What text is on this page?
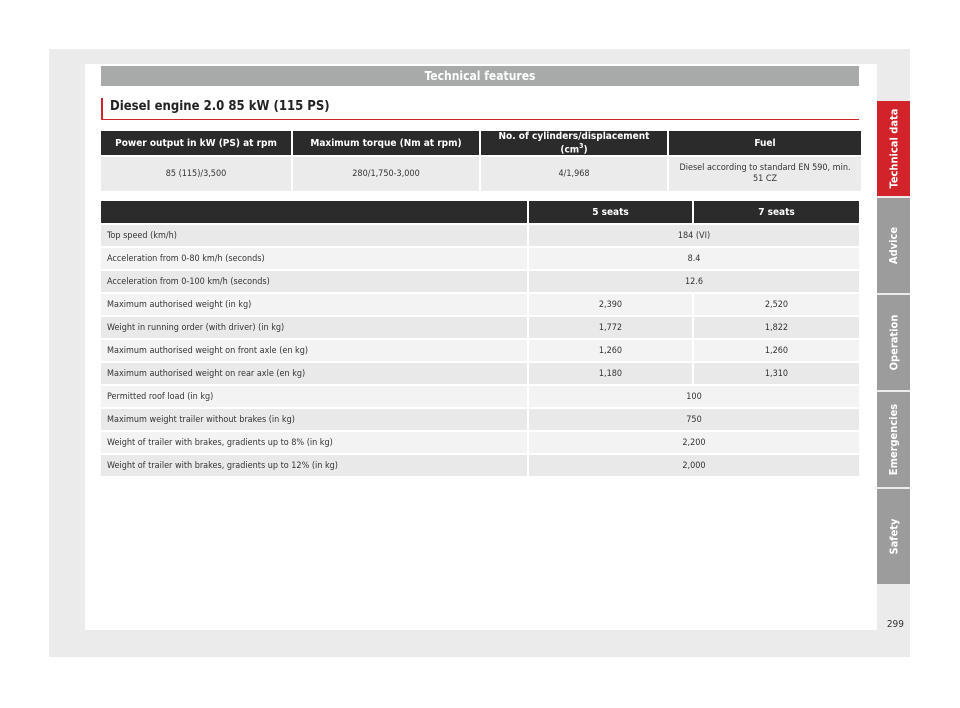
Technical features
Diesel engine 2.0 85 kW (115 PS)
Power output in kW (PS) at rpm	Maximum torque (Nm at rpm)	No. of cylinders/displacement $(cm^3)$	Fuel
85 (115)/3,500	280/1,750-3,000	4/1,968	Diesel according to standard EN 590, min. 51 CZ
	5 seats	7 seats
Top speed (km/h)	184 (VI)	
Acceleration from 0-80 km/h (seconds)	8.4	
Acceleration from 0-100 km/h (seconds)	12.6	
Maximum authorised weight (in kg)	2,390	2,520
Weight in running order (with driver) (in kg)	1,772	1,822
Maximum authorised weight on front axle (en kg)	1,260	1,260
Maximum authorised weight on rear axle (en kg)	1,180	1,310
Permitted roof load (in kg)	100	
Maximum weight trailer without brakes (in kg)	750	
Weight of trailer with brakes, gradients up to 8% (in kg)	2,200	
Weight of trailer with brakes, gradients up to 12% (in kg)	2,000	
Technical data
Advice
Operation
Emergencies
Safety
299
